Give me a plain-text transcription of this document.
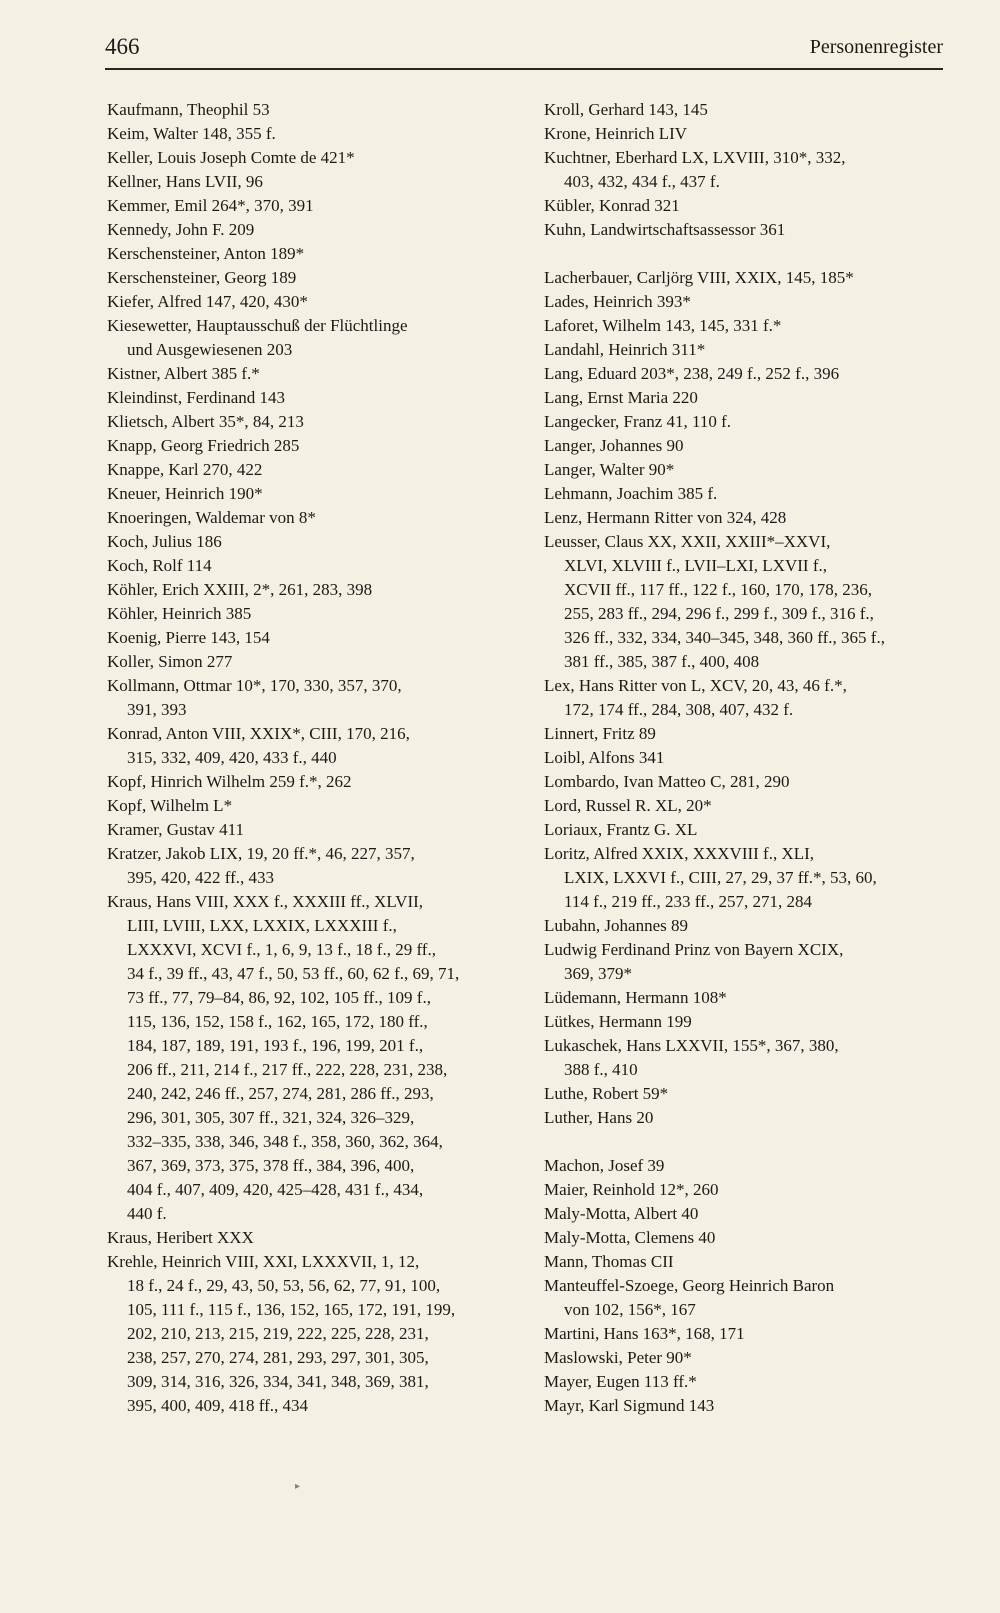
466	Personenregister
Kaufmann, Theophil 53
Keim, Walter 148, 355 f.
Keller, Louis Joseph Comte de 421*
Kellner, Hans LVII, 96
Kemmer, Emil 264*, 370, 391
Kennedy, John F. 209
Kerschensteiner, Anton 189*
Kerschensteiner, Georg 189
Kiefer, Alfred 147, 420, 430*
Kiesewetter, Hauptausschuß der Flüchtlinge
und Ausgewiesenen 203
Kistner, Albert 385 f.*
Kleindinst, Ferdinand 143
Klietsch, Albert 35*, 84, 213
Knapp, Georg Friedrich 285
Knappe, Karl 270, 422
Kneuer, Heinrich 190*
Knoeringen, Waldemar von 8*
Koch, Julius 186
Koch, Rolf 114
Köhler, Erich XXIII, 2*, 261, 283, 398
Köhler, Heinrich 385
Koenig, Pierre 143, 154
Koller, Simon 277
Kollmann, Ottmar 10*, 170, 330, 357, 370,
391, 393
Konrad, Anton VIII, XXIX*, CIII, 170, 216,
315, 332, 409, 420, 433 f., 440
Kopf, Hinrich Wilhelm 259 f.*, 262
Kopf, Wilhelm L*
Kramer, Gustav 411
Kratzer, Jakob LIX, 19, 20 ff.*, 46, 227, 357,
395, 420, 422 ff., 433
Kraus, Hans VIII, XXX f., XXXIII ff., XLVII,
LIII, LVIII, LXX, LXXIX, LXXXIII f.,
LXXXVI, XCVI f., 1, 6, 9, 13 f., 18 f., 29 ff.,
34 f., 39 ff., 43, 47 f., 50, 53 ff., 60, 62 f., 69, 71,
73 ff., 77, 79–84, 86, 92, 102, 105 ff., 109 f.,
115, 136, 152, 158 f., 162, 165, 172, 180 ff.,
184, 187, 189, 191, 193 f., 196, 199, 201 f.,
206 ff., 211, 214 f., 217 ff., 222, 228, 231, 238,
240, 242, 246 ff., 257, 274, 281, 286 ff., 293,
296, 301, 305, 307 ff., 321, 324, 326–329,
332–335, 338, 346, 348 f., 358, 360, 362, 364,
367, 369, 373, 375, 378 ff., 384, 396, 400,
404 f., 407, 409, 420, 425–428, 431 f., 434,
440 f.
Kraus, Heribert XXX
Krehle, Heinrich VIII, XXI, LXXXVII, 1, 12,
18 f., 24 f., 29, 43, 50, 53, 56, 62, 77, 91, 100,
105, 111 f., 115 f., 136, 152, 165, 172, 191, 199,
202, 210, 213, 215, 219, 222, 225, 228, 231,
238, 257, 270, 274, 281, 293, 297, 301, 305,
309, 314, 316, 326, 334, 341, 348, 369, 381,
395, 400, 409, 418 ff., 434
Kroll, Gerhard 143, 145
Krone, Heinrich LIV
Kuchtner, Eberhard LX, LXVIII, 310*, 332,
403, 432, 434 f., 437 f.
Kübler, Konrad 321
Kuhn, Landwirtschaftsassessor 361
Lacherbauer, Carljörg VIII, XXIX, 145, 185*
Lades, Heinrich 393*
Laforet, Wilhelm 143, 145, 331 f.*
Landahl, Heinrich 311*
Lang, Eduard 203*, 238, 249 f., 252 f., 396
Lang, Ernst Maria 220
Langecker, Franz 41, 110 f.
Langer, Johannes 90
Langer, Walter 90*
Lehmann, Joachim 385 f.
Lenz, Hermann Ritter von 324, 428
Leusser, Claus XX, XXII, XXIII*–XXVI,
XLVI, XLVIII f., LVII–LXI, LXVII f.,
XCVII ff., 117 ff., 122 f., 160, 170, 178, 236,
255, 283 ff., 294, 296 f., 299 f., 309 f., 316 f.,
326 ff., 332, 334, 340–345, 348, 360 ff., 365 f.,
381 ff., 385, 387 f., 400, 408
Lex, Hans Ritter von L, XCV, 20, 43, 46 f.*,
172, 174 ff., 284, 308, 407, 432 f.
Linnert, Fritz 89
Loibl, Alfons 341
Lombardo, Ivan Matteo C, 281, 290
Lord, Russel R. XL, 20*
Loriaux, Frantz G. XL
Loritz, Alfred XXIX, XXXVIII f., XLI,
LXIX, LXXVI f., CIII, 27, 29, 37 ff.*, 53, 60,
114 f., 219 ff., 233 ff., 257, 271, 284
Lubahn, Johannes 89
Ludwig Ferdinand Prinz von Bayern XCIX,
369, 379*
Lüdemann, Hermann 108*
Lütkes, Hermann 199
Lukaschek, Hans LXXVII, 155*, 367, 380,
388 f., 410
Luthe, Robert 59*
Luther, Hans 20
Machon, Josef 39
Maier, Reinhold 12*, 260
Maly-Motta, Albert 40
Maly-Motta, Clemens 40
Mann, Thomas CII
Manteuffel-Szoege, Georg Heinrich Baron
von 102, 156*, 167
Martini, Hans 163*, 168, 171
Maslowski, Peter 90*
Mayer, Eugen 113 ff.*
Mayr, Karl Sigmund 143
▸
